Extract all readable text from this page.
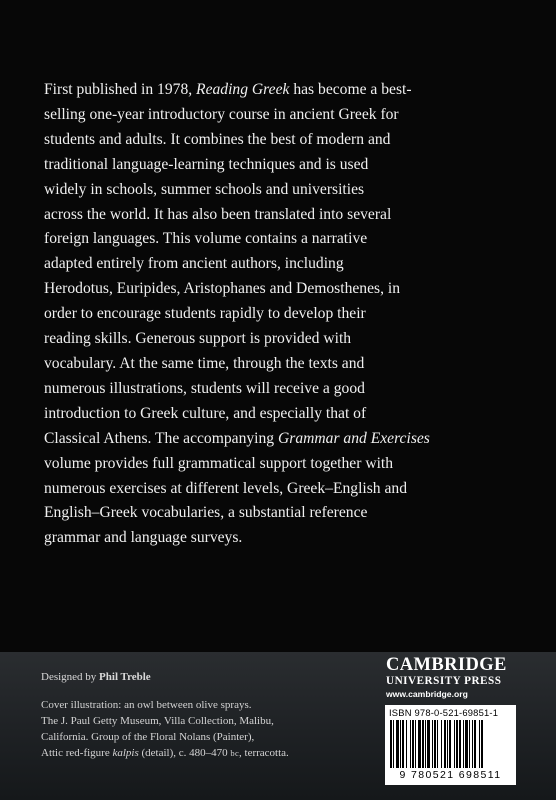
First published in 1978, Reading Greek has become a best-

selling one-year introductory course in ancient Greek for

students and adults. It combines the best of modern and

traditional language-learning techniques and is used

widely in schools, summer schools and universities

across the world. It has also been translated into several

foreign languages. This volume contains a narrative

adapted entirely from ancient authors, including

Herodotus, Euripides, Aristophanes and Demosthenes, in

order to encourage students rapidly to develop their

reading skills. Generous support is provided with

vocabulary. At the same time, through the texts and

numerous illustrations, students will receive a good

introduction to Greek culture, and especially that of

Classical Athens. The accompanying Grammar and Exercises

volume provides full grammatical support together with

numerous exercises at different levels, Greek–English and

English–Greek vocabularies, a substantial reference

grammar and language surveys.

Designed by Phil Treble
Cover illustration: an owl between olive sprays.
The J. Paul Getty Museum, Villa Collection, Malibu,
California. Group of the Floral Nolans (Painter),
Attic red-figure kalpis (detail), c. 480–470 bc, terracotta.
CAMBRIDGE
UNIVERSITY PRESS
www.cambridge.org
ISBN 978-0-521-69851-1
9 780521 698511
